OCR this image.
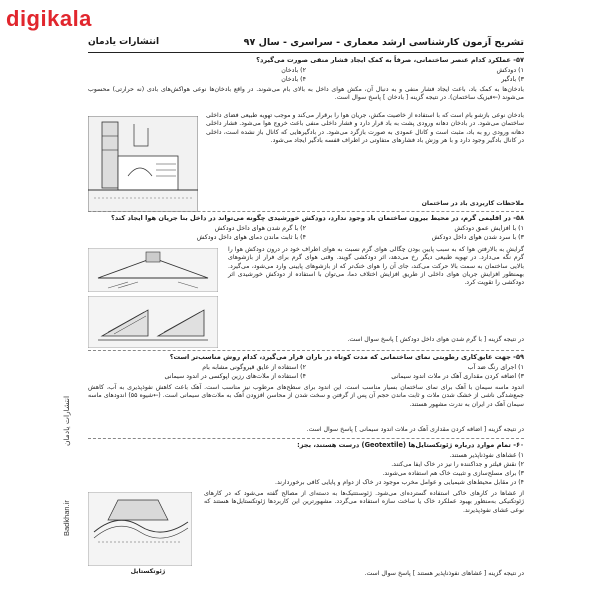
digikala
تشریح آزمون کارشناسی ارشد معماری - سراسری - سال ۹۷
انتشارات یادمان
۵۷- عملکرد کدام عنصر ساختمانی، صرفاً به کمک ایجاد فشار منفی صورت می‌گیرد؟
۱) دودکش
۲) بادخان
۳) بادگیر
۴) بادخان
بادخان‌ها به کمک باد، باعث ایجاد فشار منفی و به دنبال آن، مکش هوای داخل به بالای بام می‌شوند. در واقع بادخان‌ها نوعی هواکش‌های بادی (نه حرارتی) محسوب می‌شوند (←فیزیک ساختمان). در نتیجه گزینه [ بادخان ] پاسخ سوال است.
بادخان نوعی بازشو بام است که با استفاده از خاصیت مکش، جریان هوا را برقرار می‌کند و موجب تهویه طبیعی فضای داخلی ساختمان می‌شود. در بادخان دهانه ورودی پشت به باد قرار دارد و فشار داخلی منفی باعث خروج هوا می‌شود. فشار داخلی دهانه ورودی رو به باد، مثبت است و کانال عمودی به صورت بازگرد می‌شود. در بادگیرهایی که کانال باز نشده است، داخلی در کانال بادگیر وجود دارد و با هر وزش باد فشارهای متفاوتی در اطراف قفسه بادگیر ایجاد می‌شود.
ملاحظات کاربردی باد در ساختمان
۵۸- در اقلیمی گرم، در محیط بیرون ساختمان باد وجود ندارد، دودکش خورشیدی چگونه می‌تواند در داخل بنا جریان هوا ایجاد کند؟
۱) با افزایش عمق دودکش
۲) با گرم شدن هوای داخل دودکش
۳) با سرد شدن هوای داخل دودکش
۴) با ثابت ماندن دمای هوای داخل دودکش
گرایش به بالارفتن هوا که به سبب پایین بودن چگالی هوای گرم نسبت به هوای اطراف خود در درون دودکش هوا را گرم نگه می‌دارد. در تهویه طبیعی دیگر رخ می‌دهد، اثر دودکشی گویند. وقتی هوای گرم برای فرار از بازشوهای بالایی ساختمان به سمت بالا حرکت می‌کند، جای آن را هوای خنک‌تر که از بازشوهای پایینی وارد می‌شود، می‌گیرد. بهمنظور افزایش جریان هوای داخلی از طریق افزایش اختلاف دما، می‌توان با استفاده از دودکش خورشیدی اثر دودکشی را تقویت کرد.
در نتیجه گزینه [ با گرم شدن هوای داخل دودکش ] پاسخ سوال است.
۵۹- جهت عایق‌کاری رطوبتی نمای ساختمانی که مدت کوتاه در باران قرار می‌گیرد، کدام روش مناسب‌تر است؟
۱) اجرای رنگ ضد آب
۲) استفاده از عایق قیروگونی مشابه بام
۳) اضافه کردن مقداری آهک در ملات اندود سیمانی
۴) استفاده از ملات‌های رزین اپوکسی در اندود سیمانی
اندود ماسه سیمان با آهک برای نمای ساختمان بسیار مناسب است. این اندود برای سطح‌های مرطوب نیز مناسب است. آهک باعث کاهش نفوذپذیری به آب، کاهش جمع‌شدگی ناشی از خشک شدن ملات و ثابت ماندن حجم آن پس از گرفتن و سخت شدن از محاسن افزودن آهک به ملات‌های سیمانی است. (←شیوه ۵۵) اندودهای ماسه سیمان آهک در ایران به ندرت مشهور هستند.
در نتیجه گزینه [ اضافه کردن مقداری آهک در ملات اندود سیمانی ] پاسخ سوال است.
۶۰- تمام موارد درباره ژئوتکستایل‌ها (Geotextile) درست هستند، بجز:
۱) غشاهای نفوذناپذیر هستند.
۲) نقش فیلتر و جداکننده را نیز در خاک ایفا می‌کنند.
۳) برای مسلح‌سازی و تثبیت خاک هم استفاده می‌شوند.
۴) در مقابل محیط‌های شیمیایی و عوامل مخرب موجود در خاک از دوام و پایایی کافی برخوردارند.
از غشاها در کارهای خاکی استفاده گسترده‌ای می‌شود. ژئوسنتتیک‌ها به دسته‌ای از مصالح گفته می‌شود که در کارهای ژئوتکنیکی به‌منظور بهبود عملکرد خاک یا ساخت سازه استفاده می‌گردد. مشهورترین این کاربردها ژئوتکستایل‌ها هستند که نوعی غشای نفوذپذیرند.
در نتیجه گزینه [ غشاهای نفوذناپذیر هستند ] پاسخ سوال است.
ژئوتکستایل
انتشارات یادمان
Badkhan.ir
